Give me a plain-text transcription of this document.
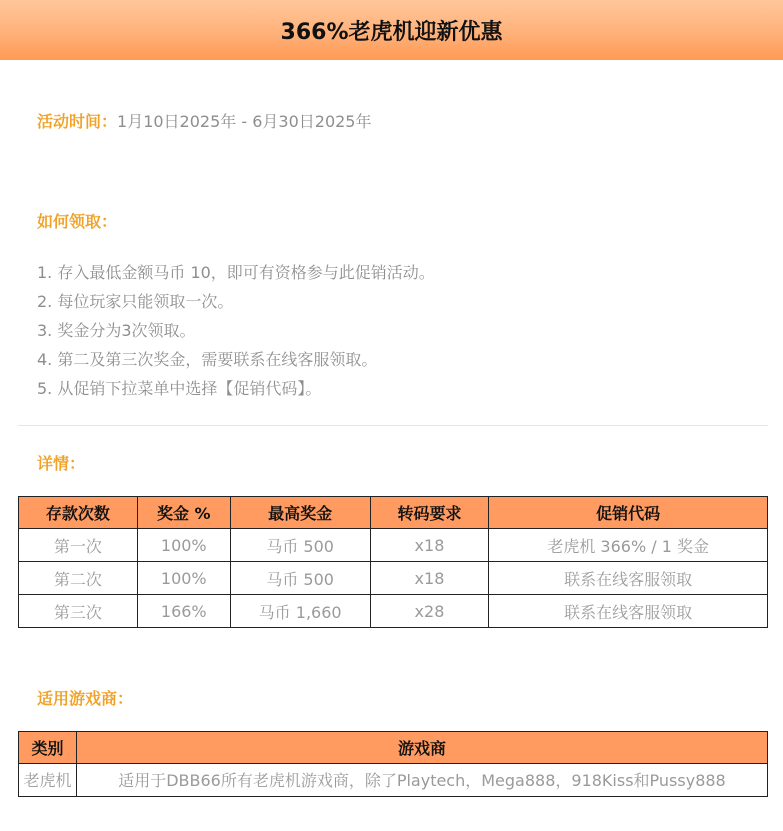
366%老虎机迎新优惠
活动时间：1月10日2025年 - 6月30日2025年
如何领取：
1. 存入最低金额马币 10，即可有资格参与此促销活动。
2. 每位玩家只能领取一次。
3. 奖金分为3次领取。
4. 第二及第三次奖金，需要联系在线客服领取。
5. 从促销下拉菜单中选择【促销代码】。
详情：
存款次数	奖金 %	最高奖金	转码要求	促销代码
第一次	100%	马币 500	x18	老虎机 366% / 1 奖金
第二次	100%	马币 500	x18	联系在线客服领取
第三次	166%	马币 1,660	x28	联系在线客服领取
适用游戏商：
类别	游戏商
老虎机	适用于DBB66所有老虎机游戏商，除了Playtech，Mega888，918Kiss和Pussy888
